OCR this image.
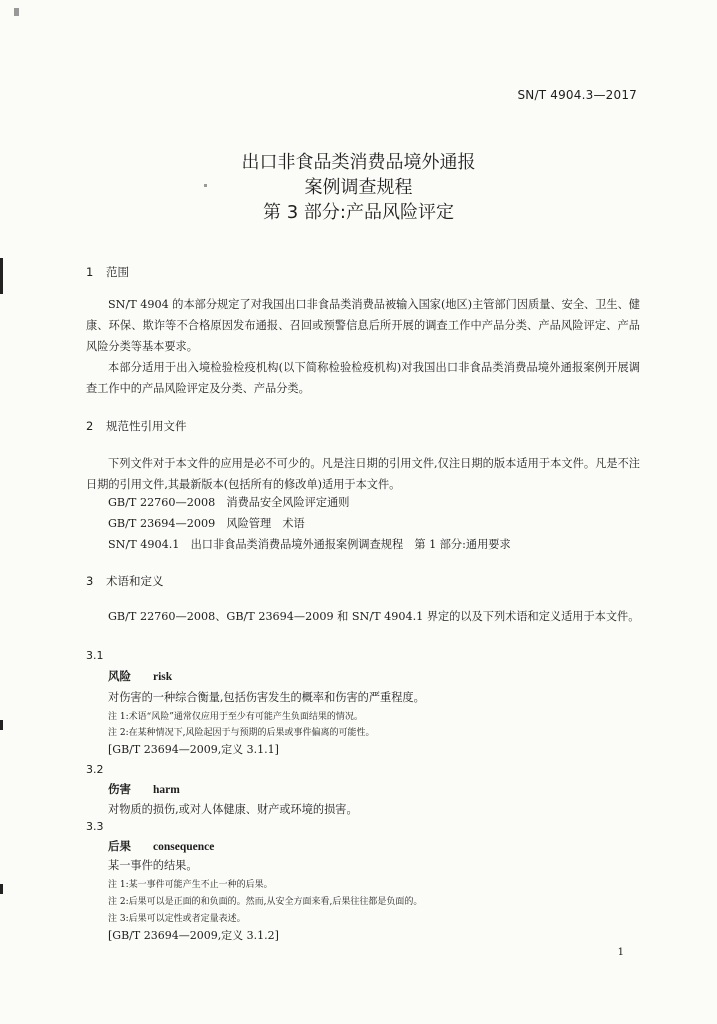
SN/T 4904.3—2017
出口非食品类消费品境外通报
案例调查规程
第 3 部分:产品风险评定
1 范围
SN/T 4904 的本部分规定了对我国出口非食品类消费品被输入国家(地区)主管部门因质量、安全、卫生、健康、环保、欺诈等不合格原因发布通报、召回或预警信息后所开展的调查工作中产品分类、产品风险评定、产品风险分类等基本要求。
本部分适用于出入境检验检疫机构(以下简称检验检疫机构)对我国出口非食品类消费品境外通报案例开展调查工作中的产品风险评定及分类、产品分类。
2 规范性引用文件
下列文件对于本文件的应用是必不可少的。凡是注日期的引用文件,仅注日期的版本适用于本文件。凡是不注日期的引用文件,其最新版本(包括所有的修改单)适用于本文件。
GB/T 22760—2008　消费品安全风险评定通则
GB/T 23694—2009　风险管理　术语
SN/T 4904.1　出口非食品类消费品境外通报案例调查规程　第 1 部分:通用要求
3 术语和定义
GB/T 22760—2008、GB/T 23694—2009 和 SN/T 4904.1 界定的以及下列术语和定义适用于本文件。
3.1
风险 risk
对伤害的一种综合衡量,包括伤害发生的概率和伤害的严重程度。
注 1:术语“风险”通常仅应用于至少有可能产生负面结果的情况。
注 2:在某种情况下,风险起因于与预期的后果或事件偏离的可能性。
[GB/T 23694—2009,定义 3.1.1]
3.2
伤害 harm
对物质的损伤,或对人体健康、财产或环境的损害。
3.3
后果 consequence
某一事件的结果。
注 1:某一事件可能产生不止一种的后果。
注 2:后果可以是正面的和负面的。然而,从安全方面来看,后果往往都是负面的。
注 3:后果可以定性或者定量表述。
[GB/T 23694—2009,定义 3.1.2]
1
